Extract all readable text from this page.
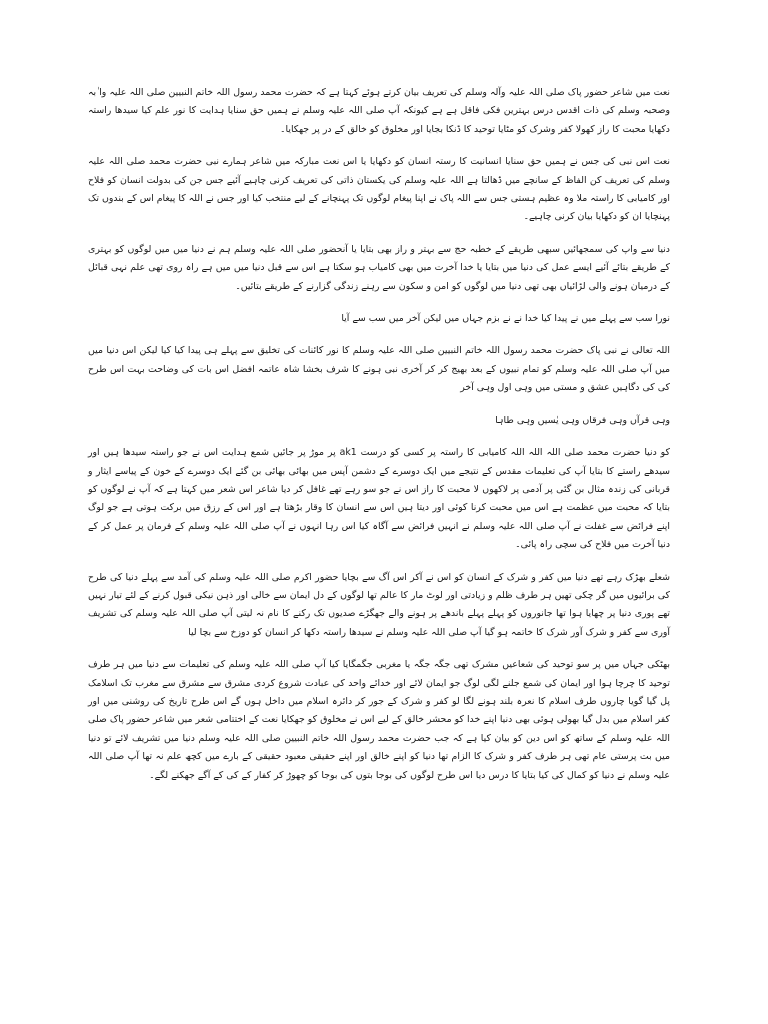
نعت میں شاعر حضور پاک صلی اللہ علیہ وآلہ وسلم کی تعریف بیان کرتے ہوئے کہتا ہے کہ حضرت محمد رسول اللہ خاتم النبیین صلی اللہ علیہ وا ٰبہ وصحبہ وسلم کی ذات اقدس درس بہترین فکی فاقل ہے ہے کیونکہ آپ صلی اللہ علیہ وسلم نے ہمیں حق سنایا ہدایت کا نور علم کیا سیدھا راستہ دکھایا محبت کا راز کھولا کفر وشرک کو مٹایا توحید کا ڈنکا بجایا اور مخلوق کو خالق کے در پر جھکایا۔

نعت اس نبی کی جس نے ہمیں حق سنایا انسانیت کا رستہ انسان کو دکھایا یا اس نعت مبارکہ میں شاعر ہمارے نبی حضرت محمد صلی اللہ علیہ وسلم کی تعریف کن الفاظ کے سانچے میں ڈھالتا ہے اللہ علیہ وسلم کی یکستان ذاتی کی تعریف کرنی چاہیے آئیے جس جن کی بدولت انسان کو فلاح اور کامیابی کا راستہ ملا وہ عظیم ہستی جس سے اللہ پاک نے اپنا پیغام لوگوں تک پہنچانے کے لیے منتخب کیا اور جس نے اللہ کا پیغام اس کے بندوں تک پہنچایا ان کو دکھایا بیان کرنی چاہیے۔

دنیا سے واپ کی سمجھائیں سبھی طریقے کے خطبہ حج سے بہتر و راز بھی بتایا یا آنحضور صلی اللہ علیہ وسلم ہم نے دنیا میں میں لوگوں کو بہتری کے طریقے بتائے آئیے ایسے عمل کی دنیا میں بتایا یا خدا آخرت میں بھی کامیاب ہو سکتا ہے اس سے قبل دنیا میں میں ہے راہ روی تھی علم نہی قبائل کے درمیان ہونے والی لڑائیاں بھی تھی دنیا میں لوگوں کو امن و سکون سے رہنے زندگی گزارنے کے طریقے بتائیں۔

نورا سب سے پہلے میں نے پیدا کیا خدا نے نے بزم جہاں میں لیکن آخر میں سب سے آیا

اللہ تعالی نے نبی پاک حضرت محمد رسول اللہ خاتم النبیین صلی اللہ علیہ وسلم کا نور کائنات کی تخلیق سے پہلے ہی پیدا کیا کیا لیکن اس دنیا میں میں آپ صلی اللہ علیہ وسلم کو تمام نبیوں کے بعد بھیج کر کر آخری نبی ہونے کا شرف بخشا شاہ عاتمہ افضل اس بات کی وضاحت بہت اس طرح کی کی دگاہیں عشق و مستی میں وہی اول وہی آخر

وہی قرآں وہی فرقاں وہی یٰسیں وہی طاہا

کو دنیا حضرت محمد صلی اللہ اللہ اللہ کامیابی کا راستہ پر کسی کو درست ak1 پر موڑ پر جائیں شمع ہدایت اس نے جو راستہ سیدھا ہیں اور سیدھے راستے کا بتایا آپ کی تعلیمات مقدس کے نتیجے میں ایک دوسرے کے دشمن آپس میں بھائی بھائی بن گئے ایک دوسرے کے خون کے پیاسے ایثار و قربانی کی زندہ مثال بن گئی پر آدمی پر لاکھوں لا محبت کا راز اس نے جو سو رہے تھے غافل کر دیا شاعر اس شعر میں کہتا ہے کہ آپ نے لوگوں کو بتایا کہ محبت میں عظمت ہے اس میں محبت کرنا کوئی اور دیتا ہیں اس سے انسان کا وقار بڑھتا ہے اور اس کے رزق میں برکت ہوتی ہے جو لوگ اپنے فرائض سے غفلت نے آپ صلی اللہ علیہ وسلم نے انہیں فرائض سے آگاہ کیا اس رہا انہوں نے آپ صلی اللہ علیہ وسلم کے فرمان پر عمل کر کے دنیا آخرت میں فلاح کی سچی راہ پائی۔

شعلے بھڑک رہے تھے دنیا میں کفر و شرک کے انسان کو اس نے آکر اس آگ سے بچایا حضور اکرم صلی اللہ علیہ وسلم کی آمد سے پہلے دنیا کی طرح کی برائیوں میں گر چکی تھیں ہر طرف ظلم و زیادتی اور لوٹ مار کا عالم تھا لوگوں کے دل ایمان سے خالی اور ذہن نیکی قبول کرنے کے لئے تیار نہیں تھے پوری دنیا پر چھایا ہوا تھا جانوروں کو پہلے پہلے باندھے پر ہونے والے جھگڑے صدیوں تک رکنے کا نام نہ لیتی آپ صلی اللہ علیہ وسلم کی تشریف آوری سے کفر و شرک آور شرک کا خاتمہ ہو گیا آپ صلی اللہ علیہ وسلم نے سیدھا راستہ دکھا کر انسان کو دوزخ سے بچا لیا

بھٹکی جہاں میں پر سو توحید کی شعاعیں مشرک تھی جگہ جگہ یا مغربی جگمگایا کیا آپ صلی اللہ علیہ وسلم کی تعلیمات سے دنیا میں ہر طرف توحید کا چرچا ہوا اور ایمان کی شمع جلنے لگی لوگ جو ایمان لائے اور خدائے واحد کی عبادت شروع کردی مشرق سے مشرق سے مغرب تک اسلامک پل گیا گویا چاروں طرف اسلام کا نعرہ بلند ہونے لگا لو کفر و شرک کے جور کر دائرہ اسلام میں داخل ہوں گے اس طرح تاریخ کی روشنی میں اور کفر اسلام میں بدل گیا بھولی ہوئی بھی دنیا اپنے خدا کو محشر خالق کے لیے اس نے مخلوق کو جھکایا نعت کے اختتامی شعر میں شاعر حضور پاک صلی اللہ علیہ وسلم کے ساتھ کو اس دین کو بیان کیا ہے کہ جب حضرت محمد رسول اللہ خاتم النبیین صلی اللہ علیہ وسلم دنیا میں تشریف لائے تو دنیا میں بت پرستی عام تھی ہر طرف کفر و شرک کا الزام تھا دنیا کو اپنے خالق اور اپنے حقیقی معبود حقیقی کے بارے میں کچھ علم نہ تھا آپ صلی اللہ علیہ وسلم نے دنیا کو کمال کی کیا بتایا کا درس دیا اس طرح لوگوں کی بوجا بتوں کی بوجا کو چھوڑ کر کفار کے کی کے آگے جھکنے لگے۔
